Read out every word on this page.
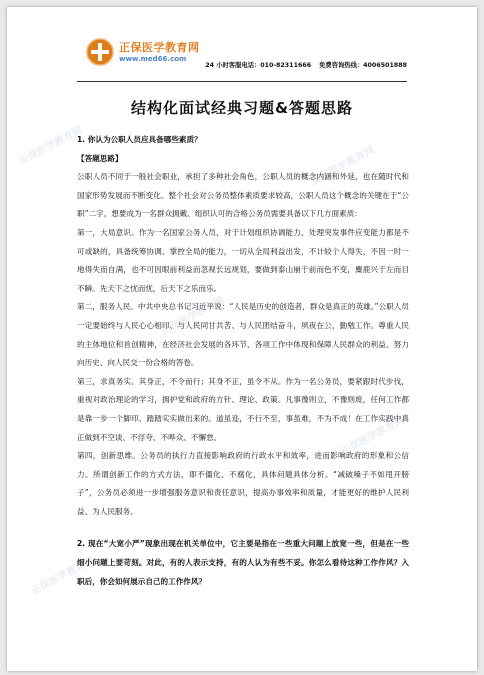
正保医学教育网	正保医学教育网
正保医学教育网
正保医学教育网
正保医学教育网
正保医学教育网
www.med66.com
24 小时客服电话：010-82311666 免费咨询热线：4006501888
结构化面试经典习题&答题思路

1. 你认为公职人员应具备哪些素质？

【答题思路】

公职人员不同于一般社会职业，承担了多种社会角色，公职人员的概念内涵和外延，也在随时代和国家形势发展而不断变化。整个社会对公务员整体素质要求较高，公职人员这个概念的关键在于“公职”二字，想要成为一名群众拥戴、组织认可的合格公务员需要具备以下几方面素质：

第一，大局意识。作为一名国家公务人员，对于计划组织协调能力、处理突发事件应变能力都是不可或缺的，具备统筹协调、掌控全局的能力，一切从全局利益出发，不计较个人得失，不因一时一地得失而自满，也不可因眼前利益而忽视长远规划，要做到泰山崩于前而色不变，麋鹿兴于左而目不瞬。先天下之忧而忧，后天下之乐而乐。

第二，服务人民。中共中央总书记习近平说：“人民是历史的创造者，群众是真正的英雄。”公职人员一定要始终与人民心心相印、与人民同甘共苦、与人民团结奋斗，夙夜在公，勤勉工作。尊重人民的主体地位和首创精神，在经济社会发展的各环节、各项工作中体现和保障人民群众的利益。努力向历史、向人民交一份合格的答卷。

第三，求真务实。其身正，不令而行；其身不正，虽令不从。作为一名公务员，要紧跟时代步伐，重视对政治理论的学习，拥护党和政府的方针、理论、政策。凡事豫则立，不豫则废，任何工作都是靠一步一个脚印、踏踏实实做出来的。道虽迩，不行不至，事虽难，不为不成！在工作实践中真正做到不空谈、不浮夸、不哗众、不懈怠。

第四，创新思维。公务员的执行力直接影响政府的行政水平和效率，进而影响政府的形象和公信力。所谓创新工作的方式方法，即不僵化、不腐化，具体问题具体分析。“减破嗓子不如甩开膀子”，公务员必须进一步增强服务意识和责任意识，提高办事效率和质量，才能更好的维护人民利益、为人民服务。

2. 现在“大宽小严”现象出现在机关单位中，它主要是指在一些重大问题上放宽一些，但是在一些细小问题上要苛刻。对此，有的人表示支持，有的人认为有些不妥。你怎么看待这种工作作风？入职后，你会如何展示自己的工作作风？
